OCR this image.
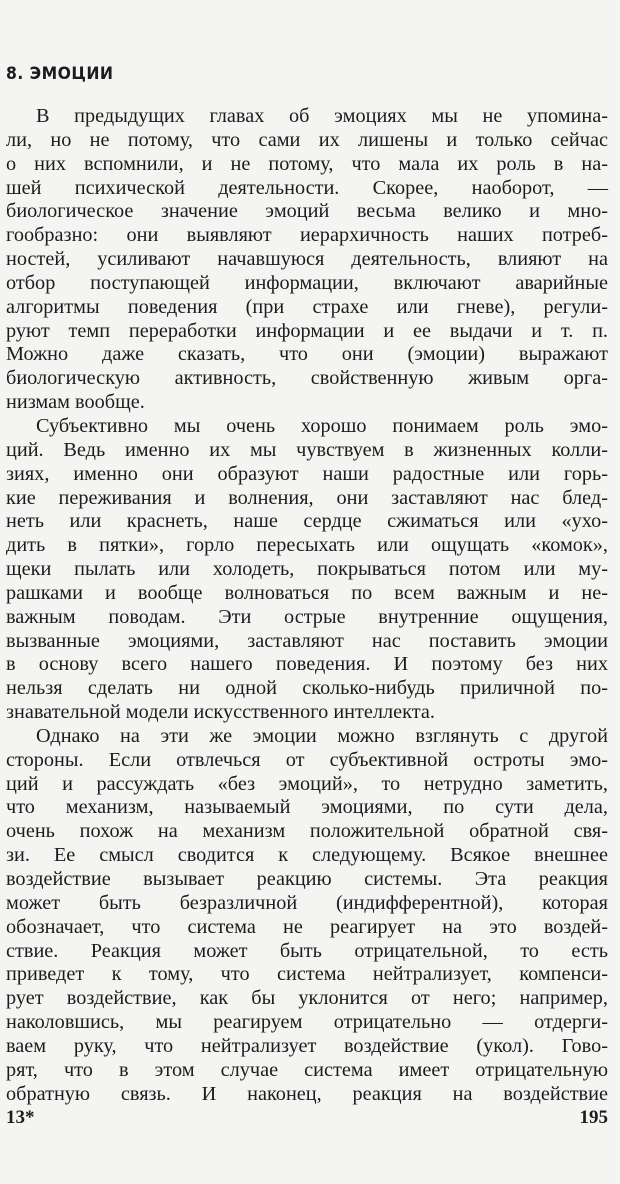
8. ЭМОЦИИ
В предыдущих главах об эмоциях мы не упомина-
ли, но не потому, что сами их лишены и только сейчас
о них вспомнили, и не потому, что мала их роль в на-
шей психической деятельности. Скорее, наоборот, —
биологическое значение эмоций весьма велико и мно-
гообразно: они выявляют иерархичность наших потреб-
ностей, усиливают начавшуюся деятельность, влияют на
отбор поступающей информации, включают аварийные
алгоритмы поведения (при страхе или гневе), регули-
руют темп переработки информации и ее выдачи и т. п.
Можно даже сказать, что они (эмоции) выражают
биологическую активность, свойственную живым орга-
низмам вообще.
Субъективно мы очень хорошо понимаем роль эмо-
ций. Ведь именно их мы чувствуем в жизненных колли-
зиях, именно они образуют наши радостные или горь-
кие переживания и волнения, они заставляют нас блед-
неть или краснеть, наше сердце сжиматься или «ухо-
дить в пятки», горло пересыхать или ощущать «комок»,
щеки пылать или холодеть, покрываться потом или му-
рашками и вообще волноваться по всем важным и не-
важным поводам. Эти острые внутренние ощущения,
вызванные эмоциями, заставляют нас поставить эмоции
в основу всего нашего поведения. И поэтому без них
нельзя сделать ни одной сколько-нибудь приличной по-
знавательной модели искусственного интеллекта.
Однако на эти же эмоции можно взглянуть с другой
стороны. Если отвлечься от субъективной остроты эмо-
ций и рассуждать «без эмоций», то нетрудно заметить,
что механизм, называемый эмоциями, по сути дела,
очень похож на механизм положительной обратной свя-
зи. Ее смысл сводится к следующему. Всякое внешнее
воздействие вызывает реакцию системы. Эта реакция
может быть безразличной (индифферентной), которая
обозначает, что система не реагирует на это воздей-
ствие. Реакция может быть отрицательной, то есть
приведет к тому, что система нейтрализует, компенси-
рует воздействие, как бы уклонится от него; например,
наколовшись, мы реагируем отрицательно — отдерги-
ваем руку, что нейтрализует воздействие (укол). Гово-
рят, что в этом случае система имеет отрицательную
обратную связь. И наконец, реакция на воздействие
13*	195
